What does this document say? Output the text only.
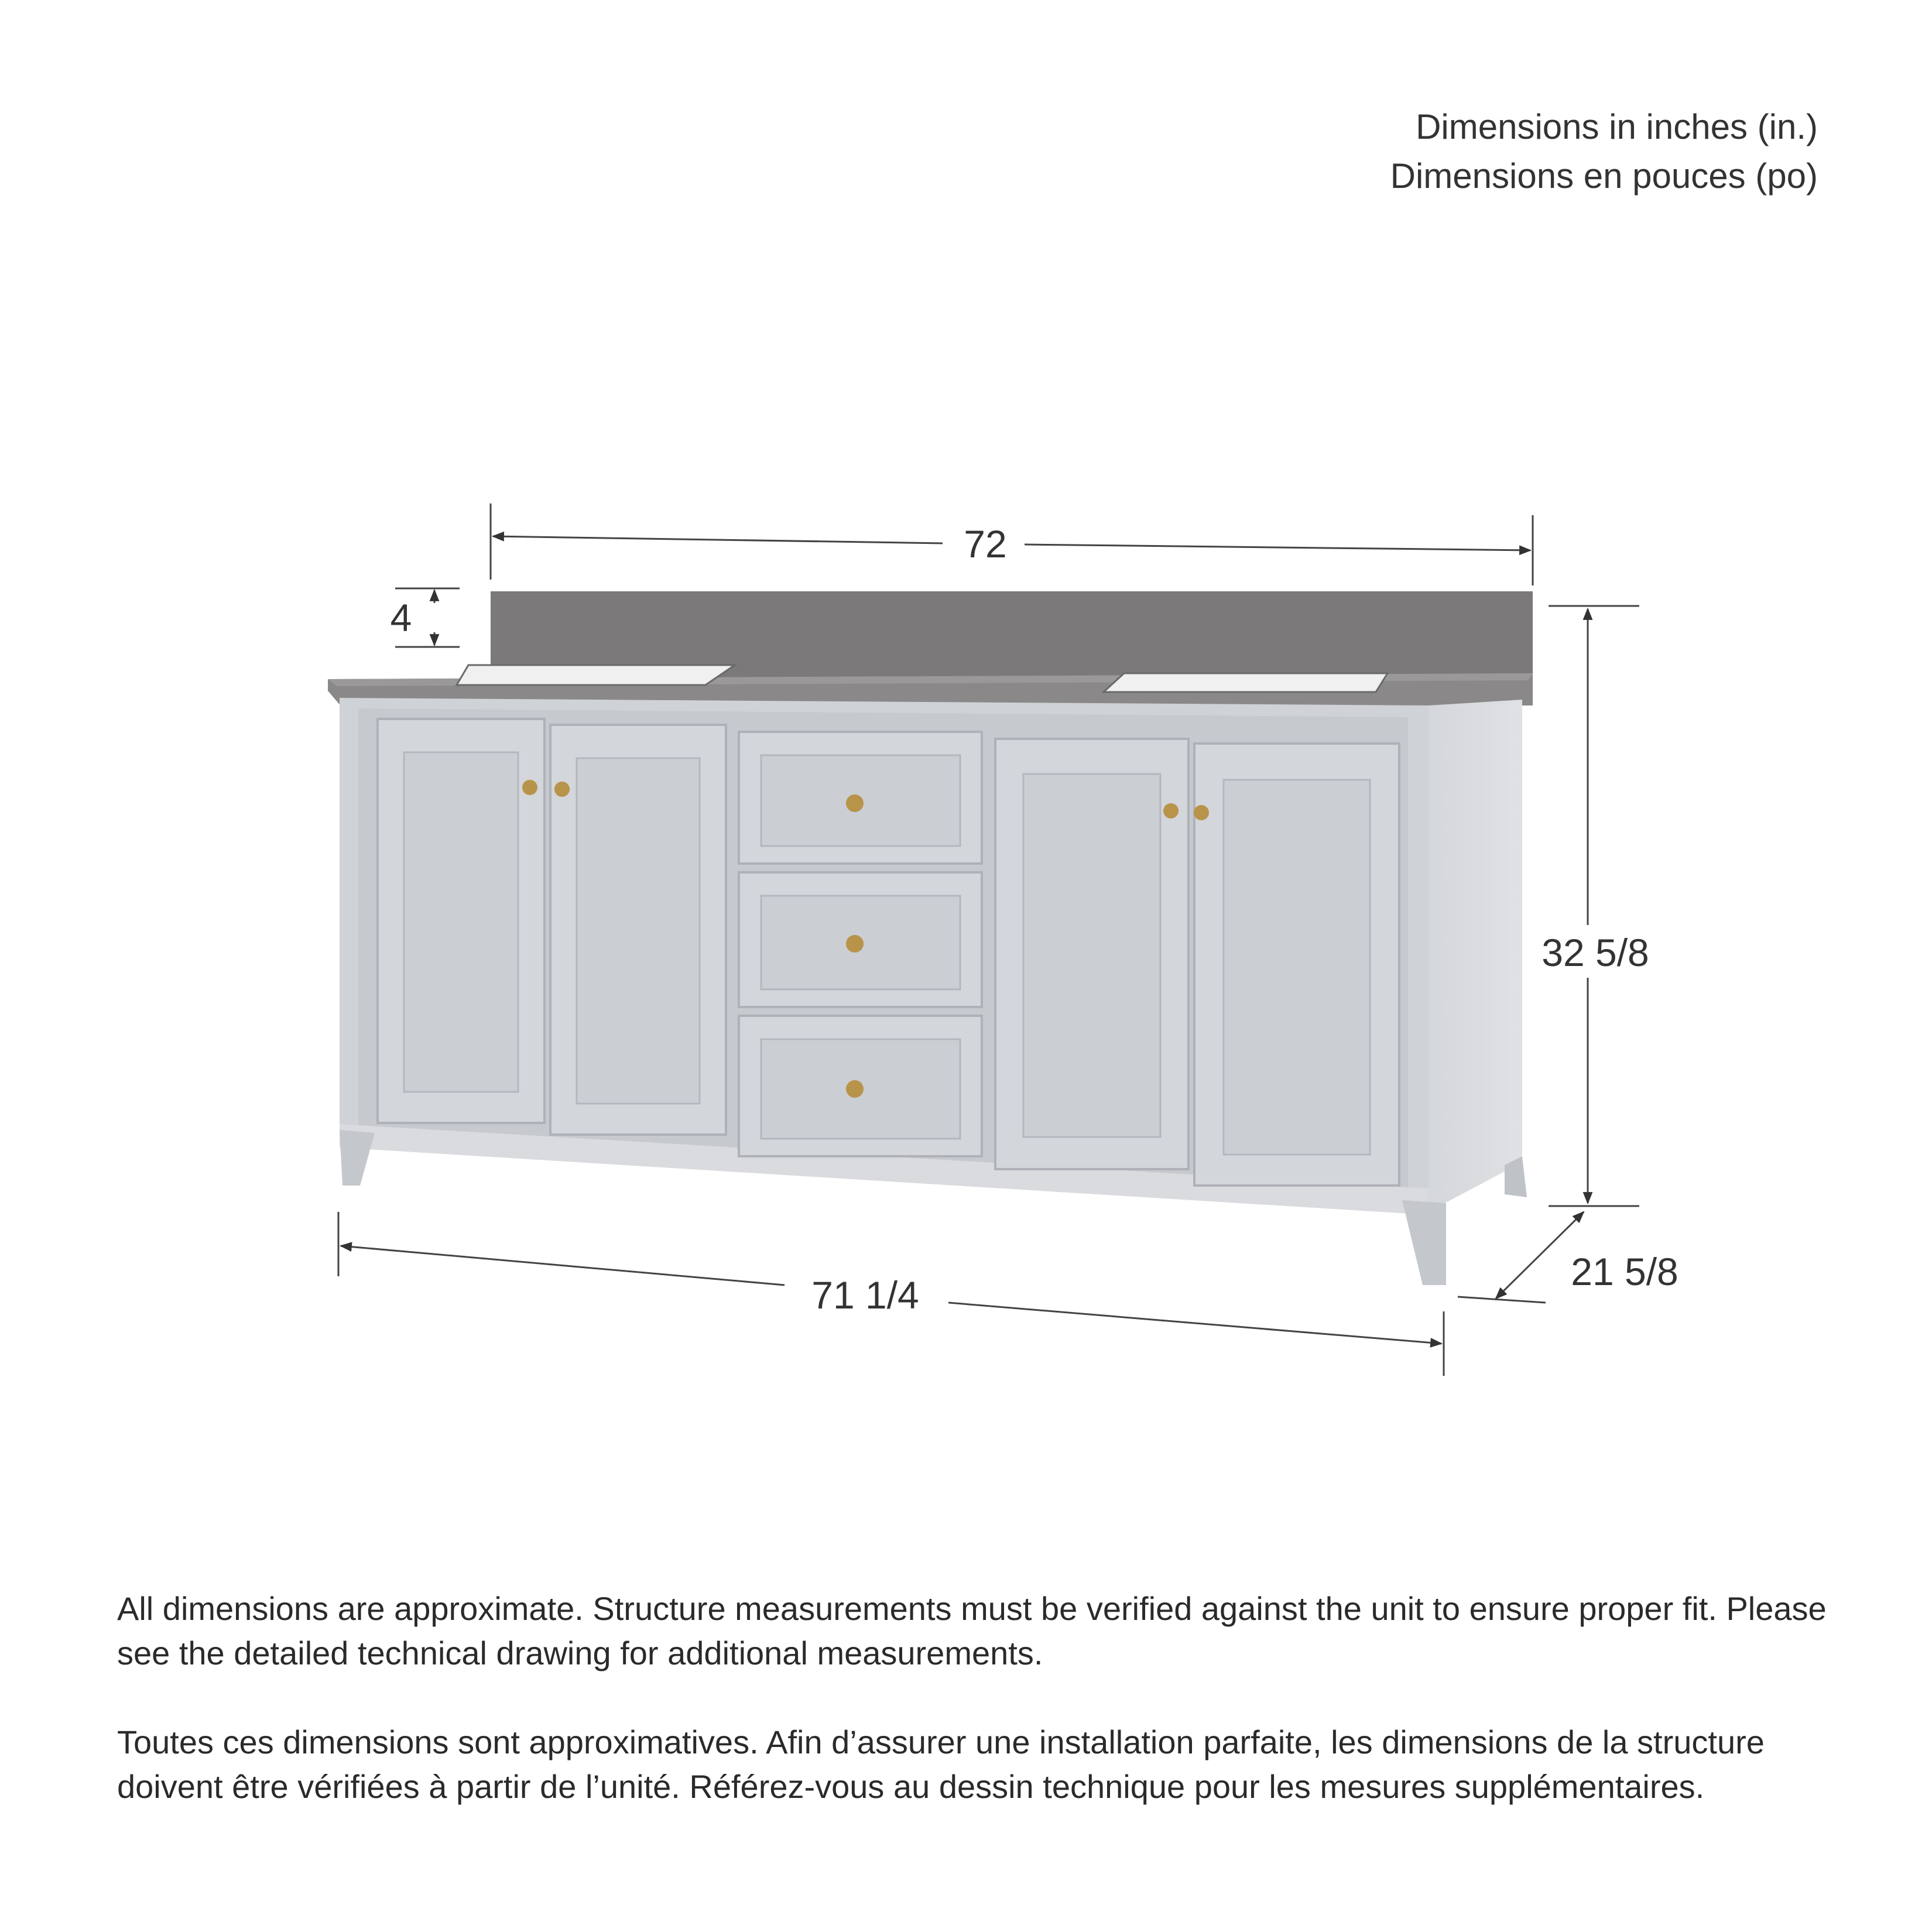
Dimensions in inches (in.)
Dimensions en pouces (po)
72
4
32 5/8
21 5/8
71 1/4

All dimensions are approximate. Structure measurements must be verified against the unit to ensure proper fit. Please see the detailed technical drawing for additional measurements.

Toutes ces dimensions sont approximatives. Afin d’assurer une installation parfaite, les dimensions de la structure doivent être vérifiées à partir de l’unité. Référez-vous au dessin technique pour les mesures supplémentaires.
